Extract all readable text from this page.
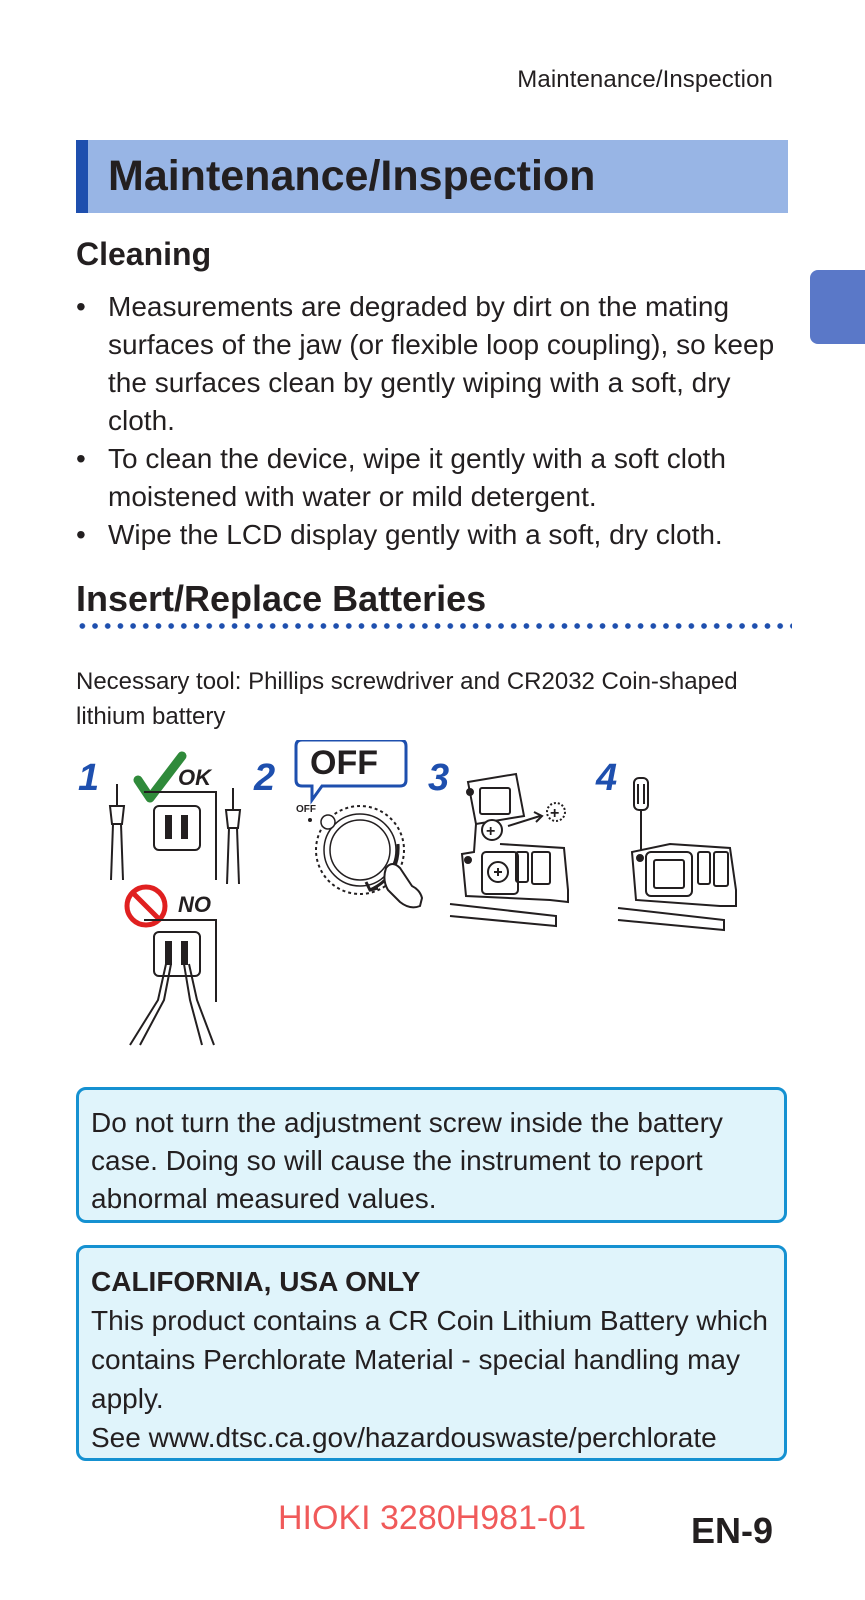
Maintenance/Inspection
Maintenance/Inspection
Cleaning
• Measurements are degraded by dirt on the mating surfaces of the jaw (or flexible loop coupling), so keep the surfaces clean by gently wiping with a soft, dry cloth.
• To clean the device, wipe it gently with a soft cloth moistened with water or mild detergent.
• Wipe the LCD display gently with a soft, dry cloth.
Insert/Replace Batteries
Necessary tool: Phillips screwdriver and CR2032 Coin-shaped lithium battery
1	2	3	4
OK
NO
OFF
OFF
+
+
Do not turn the adjustment screw inside the battery case. Doing so will cause the instrument to report abnormal measured values.
CALIFORNIA, USA ONLY
This product contains a CR Coin Lithium Battery which contains Perchlorate Material - special handling may apply.
See www.dtsc.ca.gov/hazardouswaste/perchlorate
HIOKI 3280H981-01	EN-9
